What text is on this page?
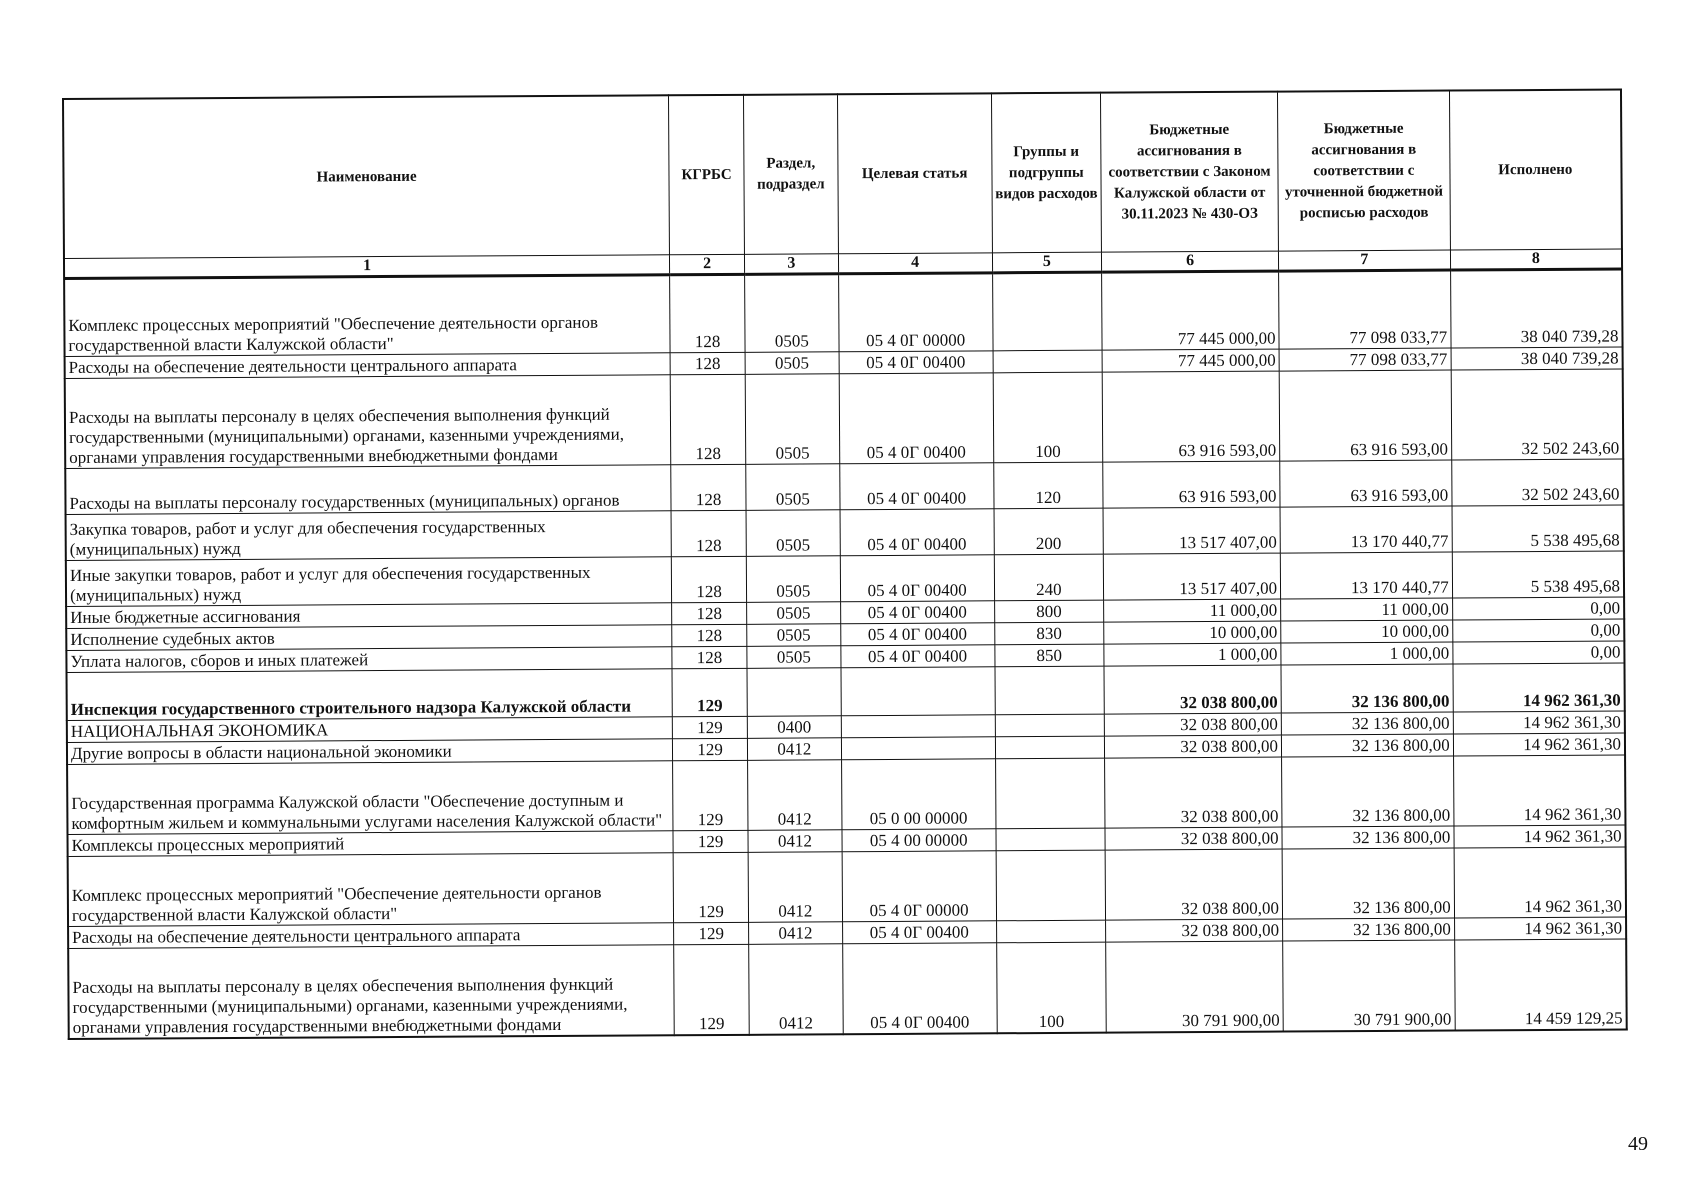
Наименование	КГРБС	Раздел, подраздел	Целевая статья	Группы и подгруппы видов расходов	Бюджетные ассигнования в соответствии с Законом Калужской области от 30.11.2023 № 430-ОЗ	Бюджетные ассигнования в соответствии с уточненной бюджетной росписью расходов	Исполнено
1	2	3	4	5	6	7	8
Комплекс процессных мероприятий "Обеспечение деятельности органов государственной власти Калужской области"	128	0505	05 4 0Г 00000		77 445 000,00	77 098 033,77	38 040 739,28
Расходы на обеспечение деятельности центрального аппарата	128	0505	05 4 0Г 00400		77 445 000,00	77 098 033,77	38 040 739,28
Расходы на выплаты персоналу в целях обеспечения выполнения функций государственными (муниципальными) органами, казенными учреждениями, органами управления государственными внебюджетными фондами	128	0505	05 4 0Г 00400	100	63 916 593,00	63 916 593,00	32 502 243,60
Расходы на выплаты персоналу государственных (муниципальных) органов	128	0505	05 4 0Г 00400	120	63 916 593,00	63 916 593,00	32 502 243,60
Закупка товаров, работ и услуг для обеспечения государственных (муниципальных) нужд	128	0505	05 4 0Г 00400	200	13 517 407,00	13 170 440,77	5 538 495,68
Иные закупки товаров, работ и услуг для обеспечения государственных (муниципальных) нужд	128	0505	05 4 0Г 00400	240	13 517 407,00	13 170 440,77	5 538 495,68
Иные бюджетные ассигнования	128	0505	05 4 0Г 00400	800	11 000,00	11 000,00	0,00
Исполнение судебных актов	128	0505	05 4 0Г 00400	830	10 000,00	10 000,00	0,00
Уплата налогов, сборов и иных платежей	128	0505	05 4 0Г 00400	850	1 000,00	1 000,00	0,00
Инспекция государственного строительного надзора Калужской области	129				32 038 800,00	32 136 800,00	14 962 361,30
НАЦИОНАЛЬНАЯ ЭКОНОМИКА	129	0400			32 038 800,00	32 136 800,00	14 962 361,30
Другие вопросы в области национальной экономики	129	0412			32 038 800,00	32 136 800,00	14 962 361,30
Государственная программа Калужской области "Обеспечение доступным и комфортным жильем и коммунальными услугами населения Калужской области"	129	0412	05 0 00 00000		32 038 800,00	32 136 800,00	14 962 361,30
Комплексы процессных мероприятий	129	0412	05 4 00 00000		32 038 800,00	32 136 800,00	14 962 361,30
Комплекс процессных мероприятий "Обеспечение деятельности органов государственной власти Калужской области"	129	0412	05 4 0Г 00000		32 038 800,00	32 136 800,00	14 962 361,30
Расходы на обеспечение деятельности центрального аппарата	129	0412	05 4 0Г 00400		32 038 800,00	32 136 800,00	14 962 361,30
Расходы на выплаты персоналу в целях обеспечения выполнения функций государственными (муниципальными) органами, казенными учреждениями, органами управления государственными внебюджетными фондами	129	0412	05 4 0Г 00400	100	30 791 900,00	30 791 900,00	14 459 129,25
49
